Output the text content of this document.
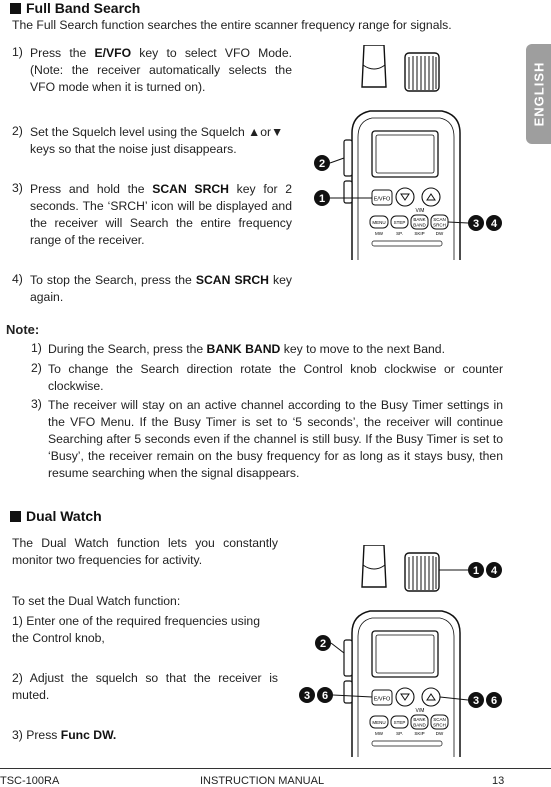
ENGLISH
Full Band Search
The Full Search function searches the entire scanner frequency range for signals.
1) Press the E/VFO key to select VFO Mode. (Note: the receiver automatically selects the VFO mode when it is turned on).
2) Set the Squelch level using the Squelch ▲or▼ keys so that the noise just disappears.
3) Press and hold the SCAN SRCH key for 2 seconds. The ‘SRCH’ icon will be displayed and the receiver will Search the entire frequency range of the receiver.
4) To stop the Search, press the SCAN SRCH key again.
E/VFO
V/M
MENU STEP
BANK
BAND
SCAN
SRCH
MW	SP.	SKIP DW
2
1
3 4
Note:
1) During the Search, press the BANK BAND key to move to the next Band.
2) To change the Search direction rotate the Control knob clockwise or counter clockwise.
3) The receiver will stay on an active channel according to the Busy Timer settings in the VFO Menu. If the Busy Timer is set to ‘5 seconds’, the receiver will continue Searching after 5 seconds even if the channel is still busy. If the Busy Timer is set to ‘Busy’, the receiver remain on the busy frequency for as long as it stays busy, then resume searching when the signal disappears.
Dual Watch
The Dual Watch function lets you constantly monitor two frequencies for activity.
To set the Dual Watch function:
1) Enter one of the required frequencies using the Control knob,
2) Adjust the squelch so that the receiver is muted.
3) Press Func DW.
E/VFO
V/M
MENU STEP
BANK
BAND
SCAN
SRCH
MW	SP.	SKIP DW
1 4
2
3 6	3 6
TSC-100RA	INSTRUCTION MANUAL	13
